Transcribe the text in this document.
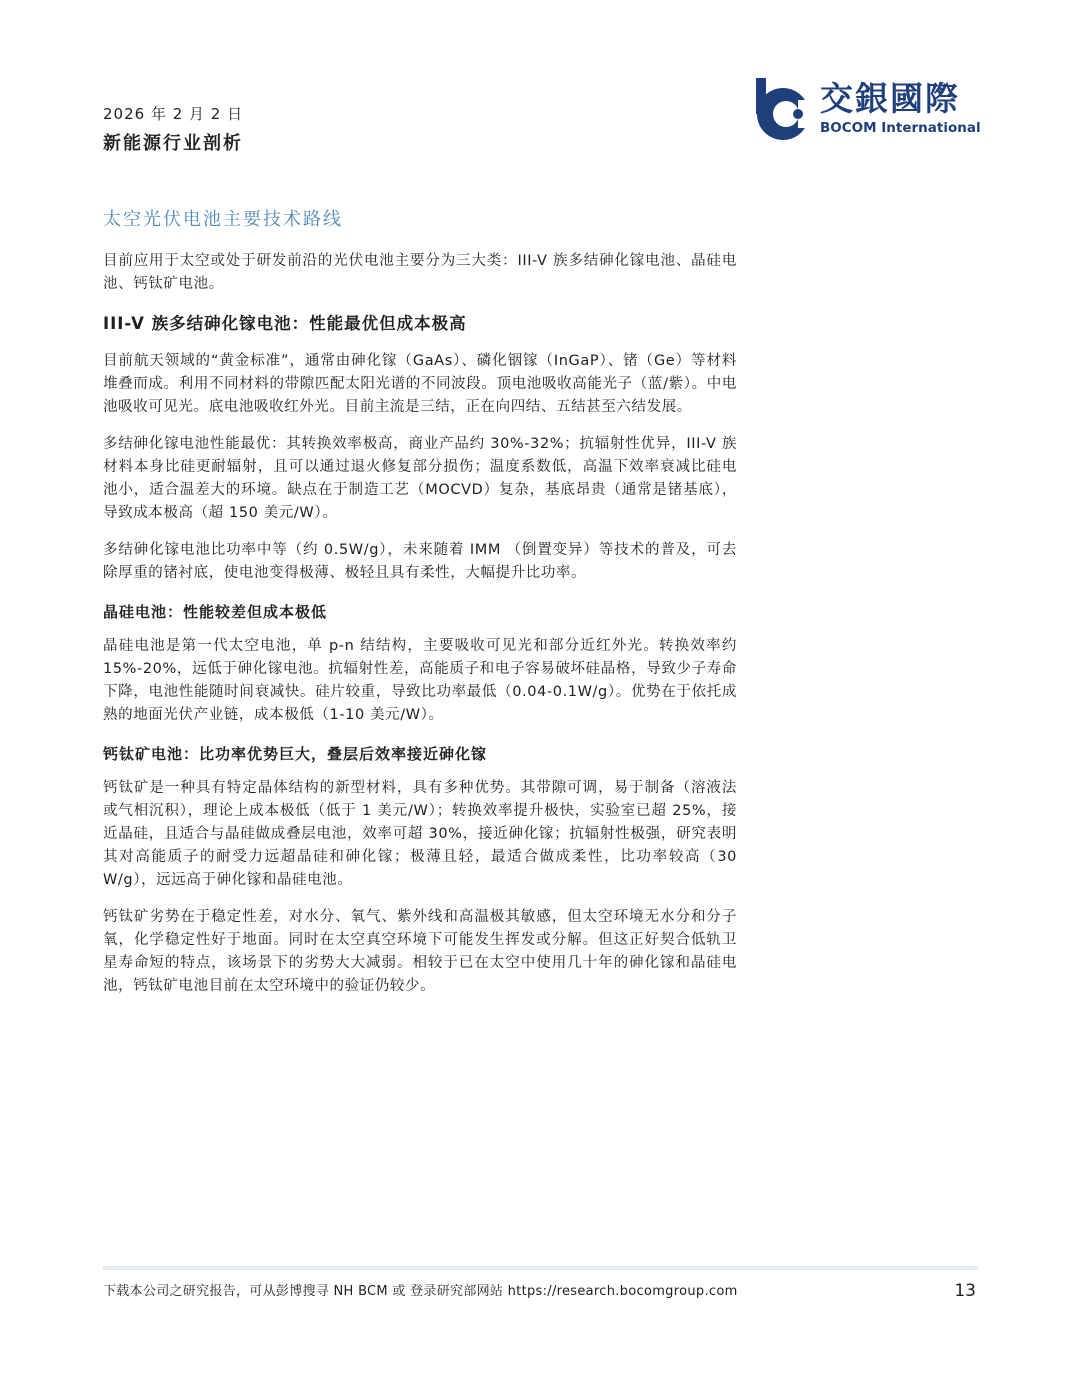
2026 年 2 月 2 日
新能源行业剖析
交銀國際
BOCOM International
太空光伏电池主要技术路线

目前应用于太空或处于研发前沿的光伏电池主要分为三大类：III-V 族多结砷化镓电池、晶硅电池、钙钛矿电池。

III-V 族多结砷化镓电池：性能最优但成本极高

目前航天领域的“黄金标准”，通常由砷化镓（GaAs）、磷化铟镓（InGaP）、锗（Ge）等材料堆叠而成。利用不同材料的带隙匹配太阳光谱的不同波段。顶电池吸收高能光子（蓝/紫）。中电池吸收可见光。底电池吸收红外光。目前主流是三结，正在向四结、五结甚至六结发展。

多结砷化镓电池性能最优：其转换效率极高，商业产品约 30%-32%；抗辐射性优异，III-V 族材料本身比硅更耐辐射，且可以通过退火修复部分损伤；温度系数低，高温下效率衰减比硅电池小，适合温差大的环境。缺点在于制造工艺（MOCVD）复杂，基底昂贵（通常是锗基底），导致成本极高（超 150 美元/W）。

多结砷化镓电池比功率中等（约 0.5W/g），未来随着 IMM （倒置变异）等技术的普及，可去除厚重的锗衬底，使电池变得极薄、极轻且具有柔性，大幅提升比功率。

晶硅电池：性能较差但成本极低

晶硅电池是第一代太空电池，单 p-n 结结构，主要吸收可见光和部分近红外光。转换效率约 15%-20%，远低于砷化镓电池。抗辐射性差，高能质子和电子容易破坏硅晶格，导致少子寿命下降，电池性能随时间衰减快。硅片较重，导致比功率最低（0.04-0.1W/g）。优势在于依托成熟的地面光伏产业链，成本极低（1-10 美元/W）。

钙钛矿电池：比功率优势巨大，叠层后效率接近砷化镓

钙钛矿是一种具有特定晶体结构的新型材料，具有多种优势。其带隙可调，易于制备（溶液法或气相沉积），理论上成本极低（低于 1 美元/W）；转换效率提升极快，实验室已超 25%，接近晶硅，且适合与晶硅做成叠层电池，效率可超 30%，接近砷化镓；抗辐射性极强，研究表明其对高能质子的耐受力远超晶硅和砷化镓；极薄且轻，最适合做成柔性，比功率较高（30 W/g），远远高于砷化镓和晶硅电池。

钙钛矿劣势在于稳定性差，对水分、氧气、紫外线和高温极其敏感，但太空环境无水分和分子氧，化学稳定性好于地面。同时在太空真空环境下可能发生挥发或分解。但这正好契合低轨卫星寿命短的特点，该场景下的劣势大大减弱。相较于已在太空中使用几十年的砷化镓和晶硅电池，钙钛矿电池目前在太空环境中的验证仍较少。

下载本公司之研究报告，可从彭博搜寻 NH BCM 或 登录研究部网站 https://research.bocomgroup.com	13
